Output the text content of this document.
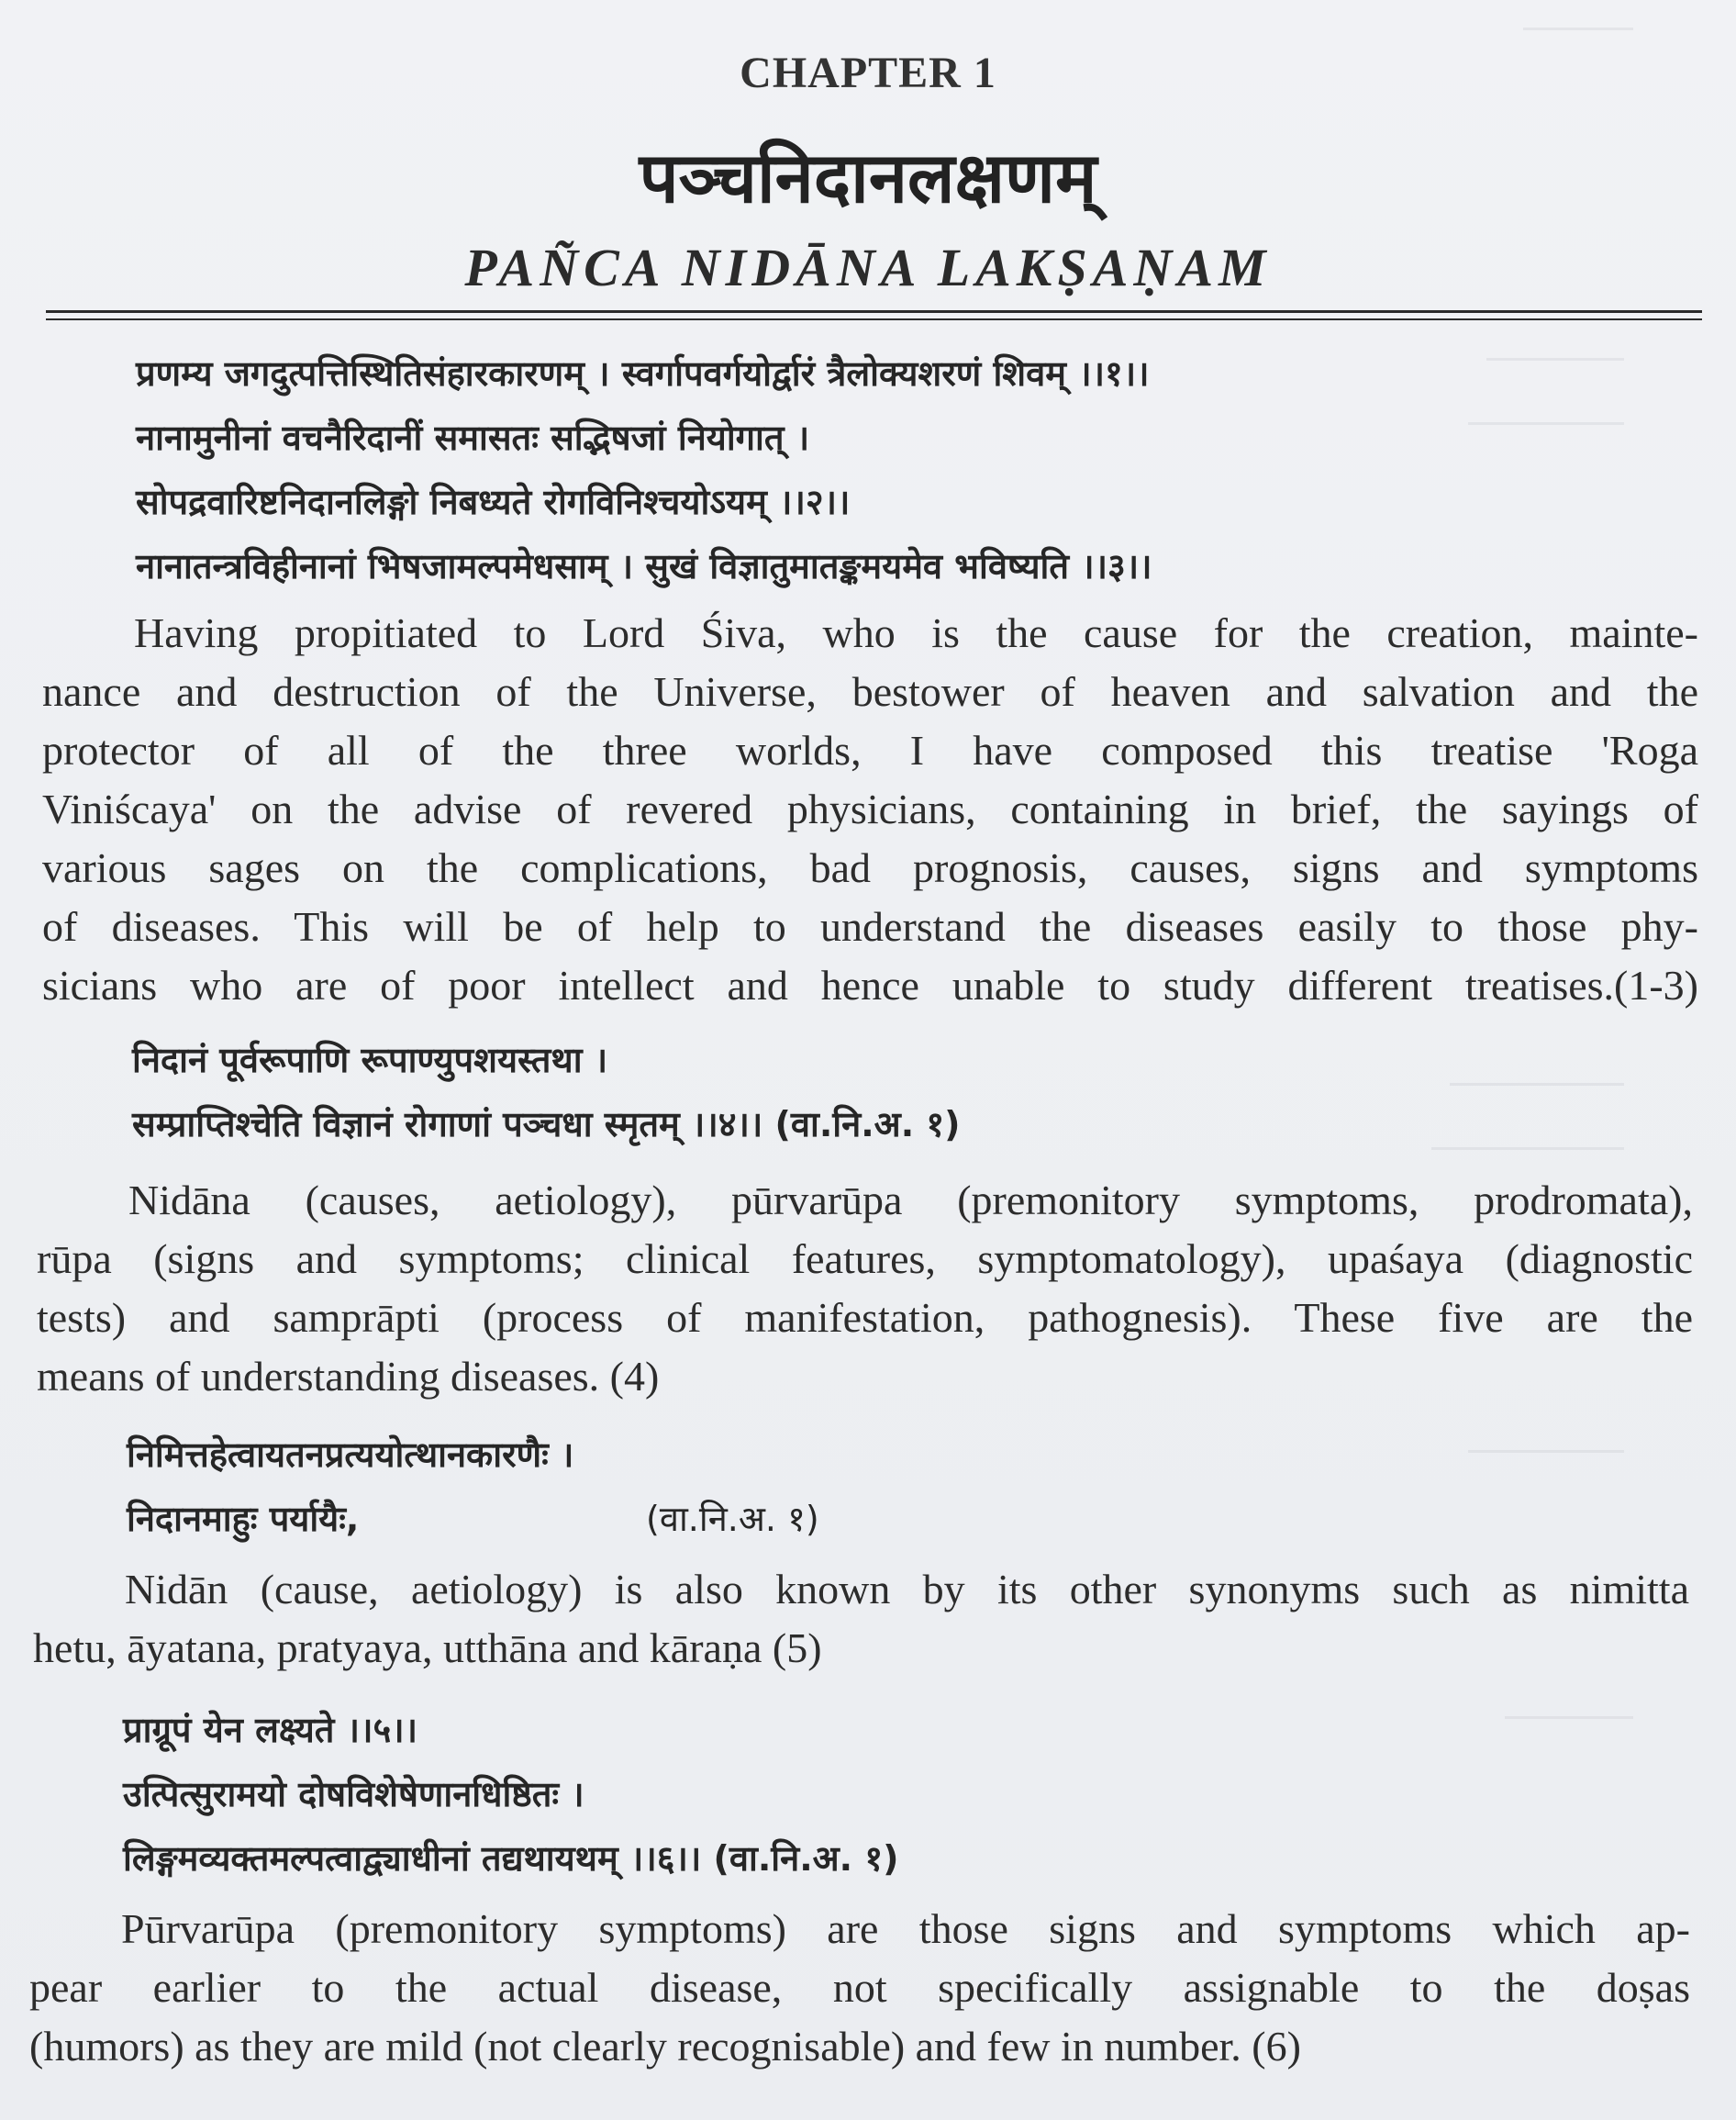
CHAPTER 1
पञ्चनिदानलक्षणम्
PAÑCA NIDĀNA LAKṢAṆAM
प्रणम्य जगदुत्पत्तिस्थितिसंहारकारणम् । स्वर्गापवर्गयोर्द्वारं त्रैलोक्यशरणं शिवम् ।।१।।
नानामुनीनां वचनैरिदानीं समासतः सद्भिषजां नियोगात् ।
सोपद्रवारिष्टनिदानलिङ्गो निबध्यते रोगविनिश्चयोऽयम् ।।२।।
नानातन्त्रविहीनानां भिषजामल्पमेधसाम् । सुखं विज्ञातुमातङ्कमयमेव भविष्यति ।।३।।
Having propitiated to Lord Śiva, who is the cause for the creation, mainte-
nance and destruction of the Universe, bestower of heaven and salvation and the
protector of all of the three worlds, I have composed this treatise 'Roga
Viniścaya' on the advise of revered physicians, containing in brief, the sayings of
various sages on the complications, bad prognosis, causes, signs and symptoms
of diseases. This will be of help to understand the diseases easily to those phy-
sicians who are of poor intellect and hence unable to study different treatises.(1-3)
निदानं पूर्वरूपाणि रूपाण्युपशयस्तथा ।
सम्प्राप्तिश्चेति विज्ञानं रोगाणां पञ्चधा स्मृतम् ।।४।। (वा.नि.अ. १)
Nidāna (causes, aetiology), pūrvarūpa (premonitory symptoms, prodromata),
rūpa (signs and symptoms; clinical features, symptomatology), upaśaya (diagnostic
tests) and samprāpti (process of manifestation, pathognesis). These five are the
means of understanding diseases. (4)
निमित्तहेत्वायतनप्रत्ययोत्थानकारणैः ।
निदानमाहुः पर्यायैः,	(वा.नि.अ. १)
Nidān (cause, aetiology) is also known by its other synonyms such as nimitta
hetu, āyatana, pratyaya, utthāna and kāraṇa (5)
प्राग्रूपं येन लक्ष्यते ।।५।।
उत्पित्सुरामयो दोषविशेषेणानधिष्ठितः ।
लिङ्गमव्यक्तमल्पत्वाद्व्याधीनां तद्यथायथम् ।।६।। (वा.नि.अ. १)
Pūrvarūpa (premonitory symptoms) are those signs and symptoms which ap-
pear earlier to the actual disease, not specifically assignable to the doṣas
(humors) as they are mild (not clearly recognisable) and few in number. (6)
